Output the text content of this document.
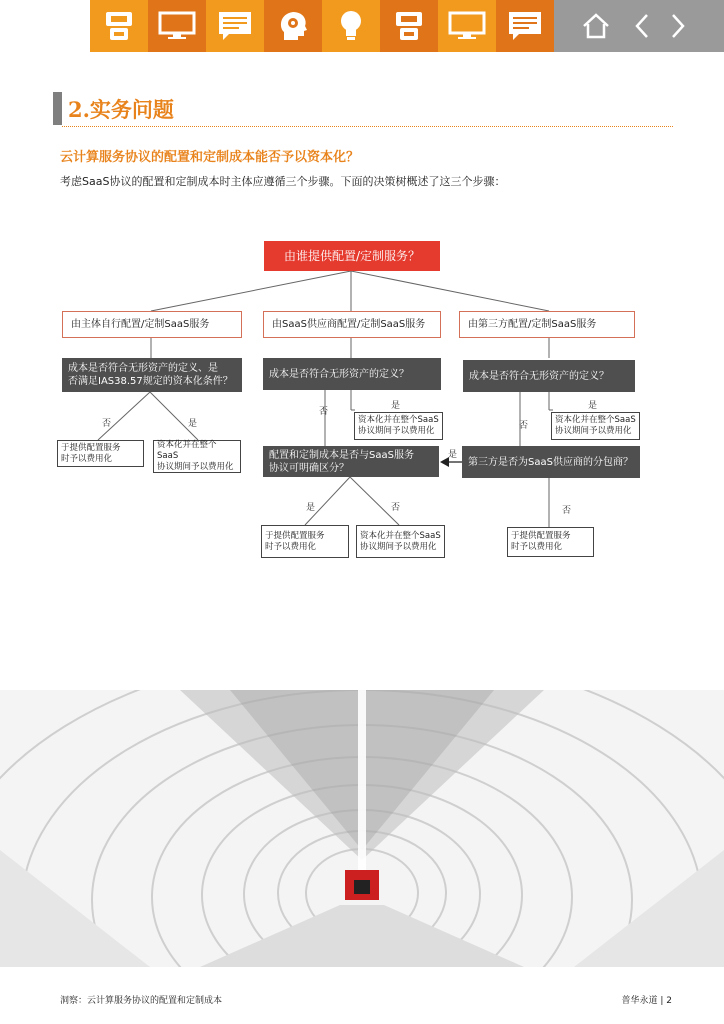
2.实务问题
云计算服务协议的配置和定制成本能否予以资本化？
考虑SaaS协议的配置和定制成本时主体应遵循三个步骤。下面的决策树概述了这三个步骤：
由谁提供配置/定制服务？
由主体自行配置/定制SaaS服务	由SaaS供应商配置/定制SaaS服务	由第三方配置/定制SaaS服务
成本是否符合无形资产的定义、是
否满足IAS38.57规定的资本化条件？
成本是否符合无形资产的定义？	成本是否符合无形资产的定义？
否	是
否
是
否
是
是
是	否	否
于提供配置服务
时予以费用化
资本化并在整个SaaS
协议期间予以费用化
资本化并在整个SaaS
协议期间予以费用化
资本化并在整个SaaS
协议期间予以费用化
配置和定制成本是否与SaaS服务
协议可明确区分？
第三方是否为SaaS供应商的分包商？
于提供配置服务
时予以费用化
资本化并在整个SaaS
协议期间予以费用化
于提供配置服务
时予以费用化
洞察：云计算服务协议的配置和定制成本	普华永道 | 2
